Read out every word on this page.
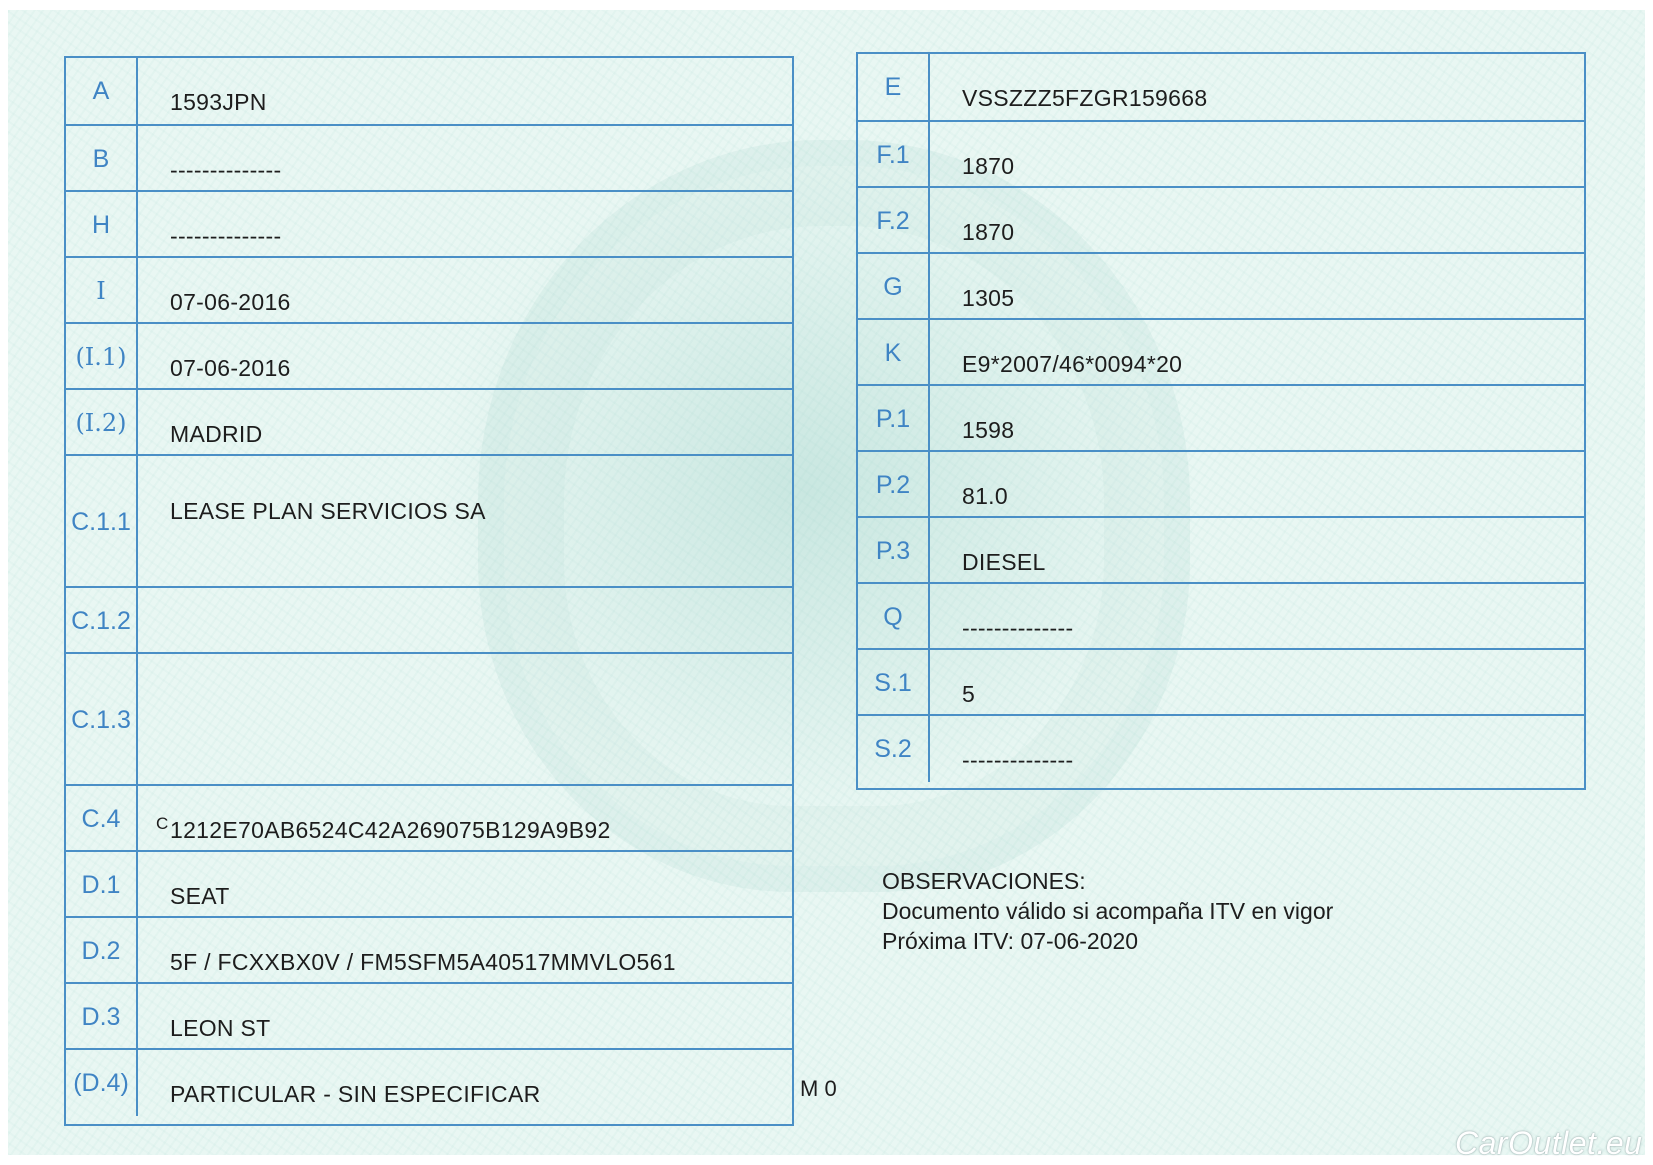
A	1593JPN
B	--------------
H	--------------
I	07-06-2016
(I.1)	07-06-2016
(I.2)	MADRID
C.1.1	LEASE PLAN SERVICIOS SA
C.1.2
C.1.3
C.4	C 1212E70AB6524C42A269075B129A9B92
D.1	SEAT
D.2	5F / FCXXBX0V / FM5SFM5A40517MMVLO561
D.3	LEON ST
(D.4)	PARTICULAR - SIN ESPECIFICAR
E	VSSZZZ5FZGR159668
F.1	1870
F.2	1870
G	1305
K	E9*2007/46*0094*20
P.1	1598
P.2	81.0
P.3	DIESEL
Q	--------------
S.1	5
S.2	--------------
OBSERVACIONES:
Documento válido si acompaña ITV en vigor
Próxima ITV: 07-06-2020
M 0
CarOutlet.eu
